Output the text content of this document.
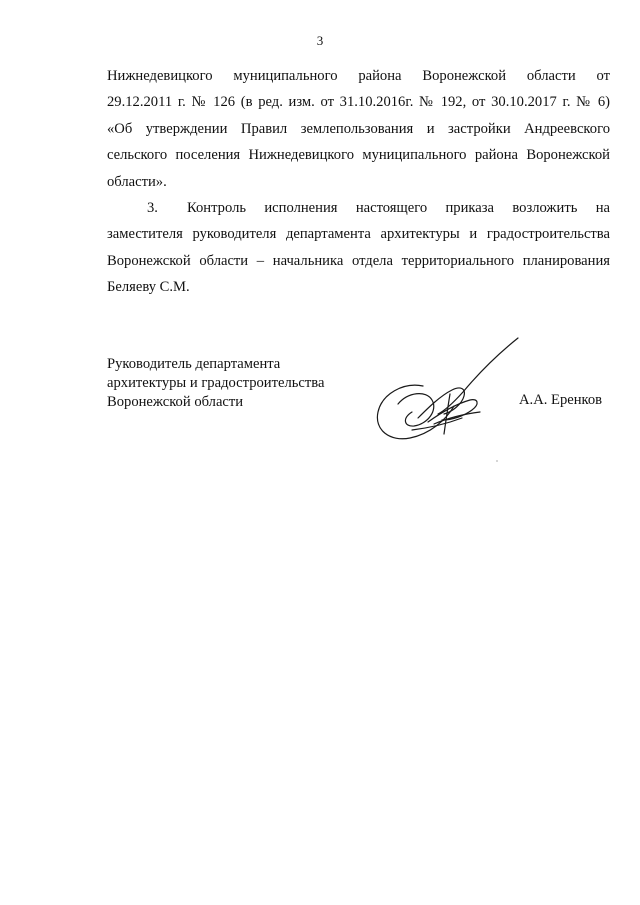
3
Нижнедевицкого муниципального района Воронежской области от
29.12.2011 г. № 126 (в ред. изм. от 31.10.2016г. № 192, от 30.10.2017 г. № 6)
«Об утверждении Правил землепользования и застройки Андреевского
сельского поселения Нижнедевицкого муниципального района Воронежской
области».
3.	Контроль исполнения настоящего приказа возложить на
заместителя руководителя департамента архитектуры и градостроительства
Воронежской области – начальника отдела территориального планирования
Беляеву С.М.
Руководитель департамента
архитектуры и градостроительства
Воронежской области	А.А. Еренков
